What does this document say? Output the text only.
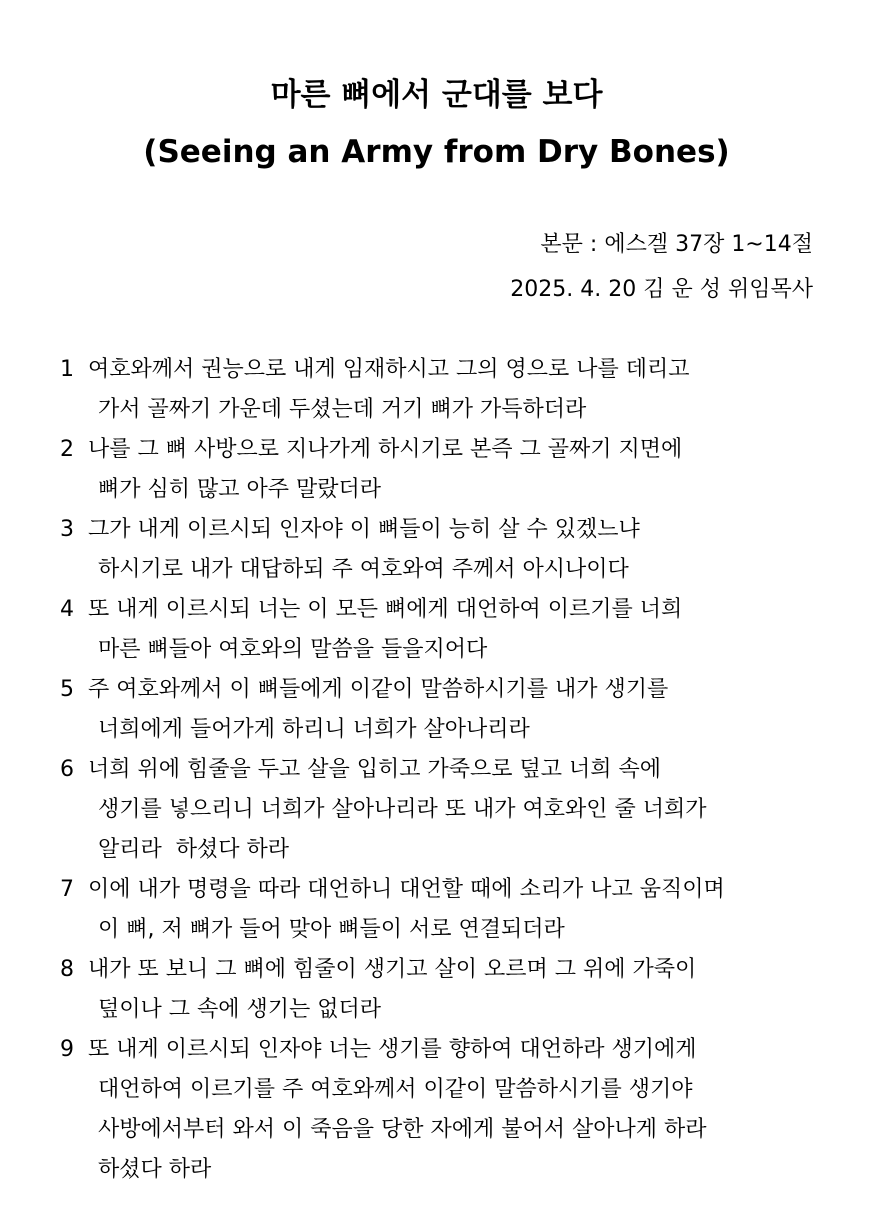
마른 뼈에서 군대를 보다
(Seeing an Army from Dry Bones)
본문 : 에스겔 37장 1~14절
2025. 4. 20 김 운 성 위임목사
1 여호와께서 권능으로 내게 임재하시고 그의 영으로 나를 데리고
가서 골짜기 가운데 두셨는데 거기 뼈가 가득하더라
2 나를 그 뼈 사방으로 지나가게 하시기로 본즉 그 골짜기 지면에
뼈가 심히 많고 아주 말랐더라
3 그가 내게 이르시되 인자야 이 뼈들이 능히 살 수 있겠느냐
하시기로 내가 대답하되 주 여호와여 주께서 아시나이다
4 또 내게 이르시되 너는 이 모든 뼈에게 대언하여 이르기를 너희
마른 뼈들아 여호와의 말씀을 들을지어다
5 주 여호와께서 이 뼈들에게 이같이 말씀하시기를 내가 생기를
너희에게 들어가게 하리니 너희가 살아나리라
6 너희 위에 힘줄을 두고 살을 입히고 가죽으로 덮고 너희 속에
생기를 넣으리니 너희가 살아나리라 또 내가 여호와인 줄 너희가
알리라  하셨다 하라
7 이에 내가 명령을 따라 대언하니 대언할 때에 소리가 나고 움직이며
이 뼈, 저 뼈가 들어 맞아 뼈들이 서로 연결되더라
8 내가 또 보니 그 뼈에 힘줄이 생기고 살이 오르며 그 위에 가죽이
덮이나 그 속에 생기는 없더라
9 또 내게 이르시되 인자야 너는 생기를 향하여 대언하라 생기에게
대언하여 이르기를 주 여호와께서 이같이 말씀하시기를 생기야
사방에서부터 와서 이 죽음을 당한 자에게 불어서 살아나게 하라
하셨다 하라
